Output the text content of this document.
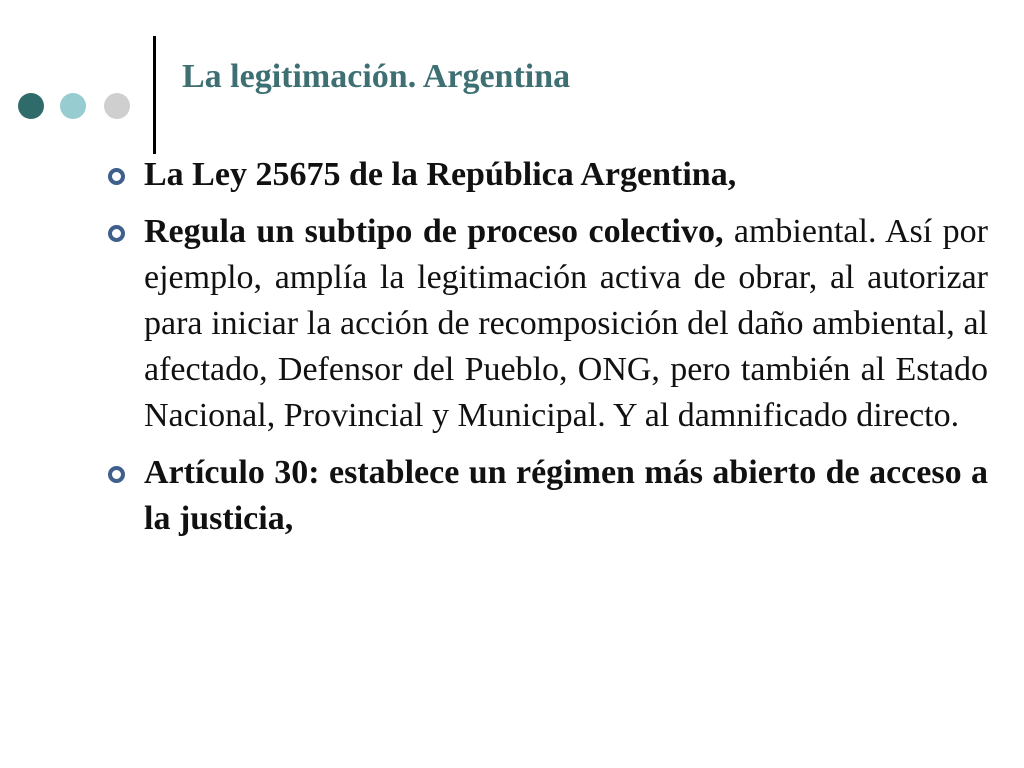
La legitimación. Argentina
La Ley 25675 de la República Argentina,
Regula un subtipo de proceso colectivo, ambiental. Así por ejemplo, amplía la legitimación activa de obrar, al autorizar para iniciar la acción de recomposición del daño ambiental, al afectado, Defensor del Pueblo, ONG, pero también al Estado Nacional, Provincial y Municipal. Y al damnificado directo.
Artículo 30: establece un régimen más abierto de acceso a la justicia,
